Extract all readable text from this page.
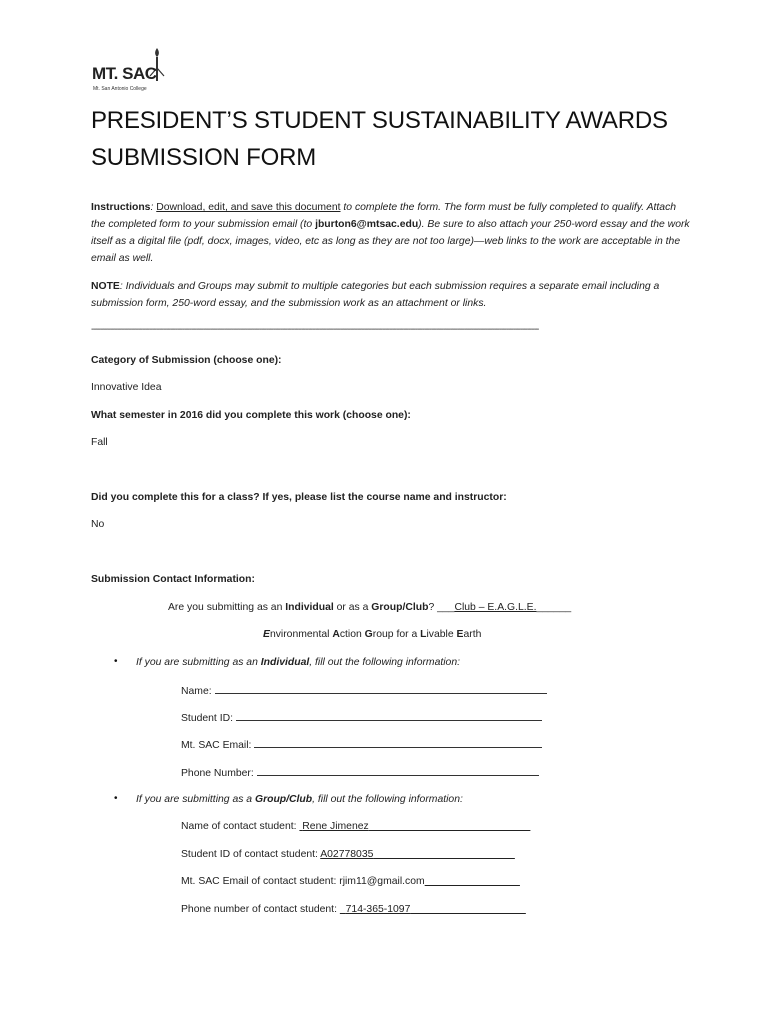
MT. SAC
Mt. San Antonio College
PRESIDENT’S STUDENT SUSTAINABILITY AWARDS
SUBMISSION FORM
Instructions: Download, edit, and save this document to complete the form. The form must be fully completed to qualify. Attach the completed form to your submission email (to jburton6@mtsac.edu). Be sure to also attach your 250-word essay and the work itself as a digital file (pdf, docx, images, video, etc as long as they are not too large)—web links to the work are acceptable in the email as well.
NOTE: Individuals and Groups may submit to multiple categories but each submission requires a separate email including a submission form, 250-word essay, and the submission work as an attachment or links.
------------------------------------------------------------------------------------------------------------------------------------------------------------------------------------------------
Category of Submission (choose one):
Innovative Idea
What semester in 2016 did you complete this work (choose one):
Fall
Did you complete this for a class? If yes, please list the course name and instructor:
No
Submission Contact Information:
Are you submitting as an Individual or as a Group/Club? ___Club – E.A.G.L.E.______
Environmental Action Group for a Livable Earth
• If you are submitting as an Individual, fill out the following information:
Name:
Student ID:
Mt. SAC Email:
Phone Number:
• If you are submitting as a Group/Club, fill out the following information:
Name of contact student:  Rene Jimenez
Student ID of contact student: A02778035
Mt. SAC Email of contact student: rjim11@gmail.com
Phone number of contact student:   714-365-1097
